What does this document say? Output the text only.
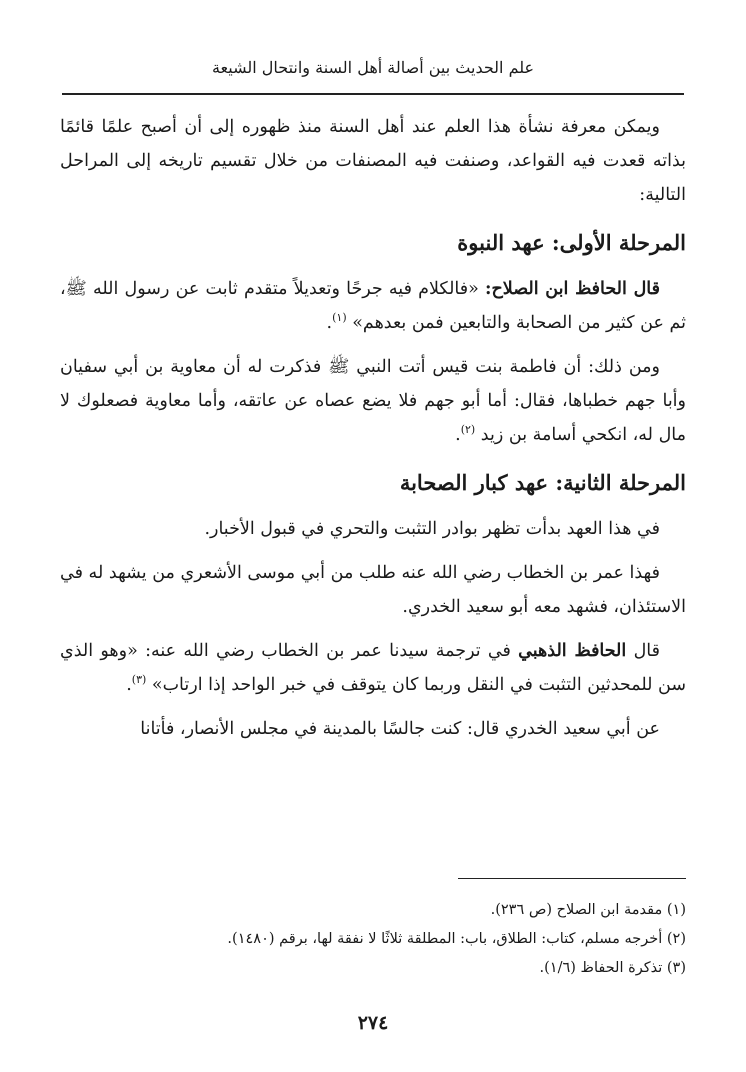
علم الحديث بين أصالة أهل السنة وانتحال الشيعة

ويمكن معرفة نشأة هذا العلم عند أهل السنة منذ ظهوره إلى أن أصبح علمًا قائمًا بذاته قعدت فيه القواعد، وصنفت فيه المصنفات من خلال تقسيم تاريخه إلى المراحل التالية:

المرحلة الأولى: عهد النبوة

قال الحافظ ابن الصلاح: «فالكلام فيه جرحًا وتعديلاً متقدم ثابت عن رسول الله ﷺ، ثم عن كثير من الصحابة والتابعين فمن بعدهم» $^{(١)}$.

ومن ذلك: أن فاطمة بنت قيس أتت النبي ﷺ فذكرت له أن معاوية بن أبي سفيان وأبا جهم خطباها، فقال: أما أبو جهم فلا يضع عصاه عن عاتقه، وأما معاوية فصعلوك لا مال له، انكحي أسامة بن زيد $^{(٢)}$.

المرحلة الثانية: عهد كبار الصحابة

في هذا العهد بدأت تظهر بوادر التثبت والتحري في قبول الأخبار.

فهذا عمر بن الخطاب رضي الله عنه طلب من أبي موسى الأشعري من يشهد له في الاستئذان، فشهد معه أبو سعيد الخدري.

قال الحافظ الذهبي في ترجمة سيدنا عمر بن الخطاب رضي الله عنه: «وهو الذي سن للمحدثين التثبت في النقل وربما كان يتوقف في خبر الواحد إذا ارتاب» $^{(٣)}$.

عن أبي سعيد الخدري قال: كنت جالسًا بالمدينة في مجلس الأنصار، فأتانا

(١) مقدمة ابن الصلاح (ص ٢٣٦).

(٢) أخرجه مسلم، كتاب: الطلاق، باب: المطلقة ثلاثًا لا نفقة لها، برقم (١٤٨٠).

(٣) تذكرة الحفاظ (١/٦).

٢٧٤
